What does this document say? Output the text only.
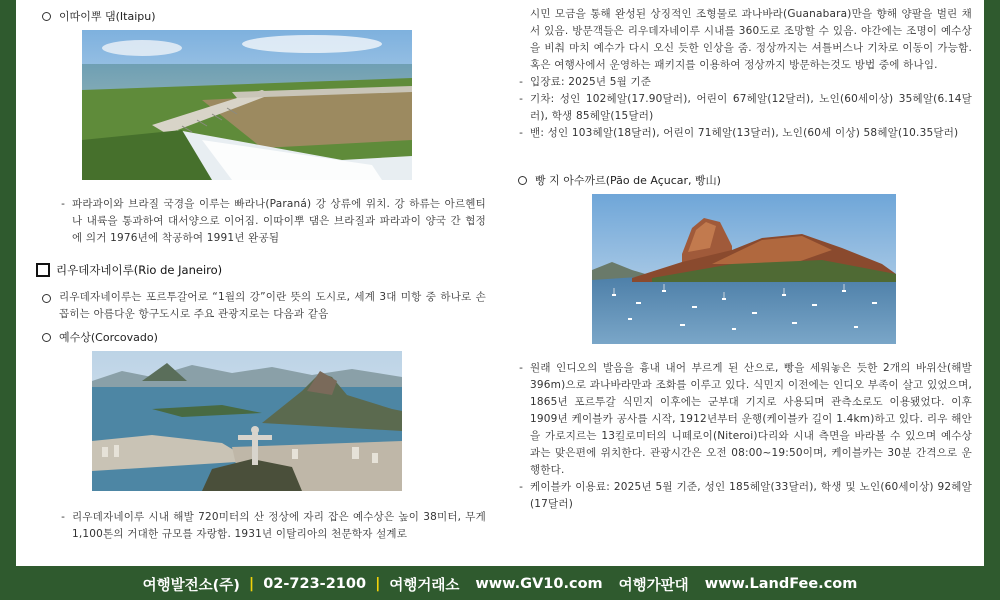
이따이뿌 댐(Itaipu)
- 파라과이와 브라질 국경을 이루는 빠라나(Paraná) 강 상류에 위치. 강 하류는 아르헨티나 내륙을 통과하여 대서양으로 이어짐. 이따이뿌 댐은 브라질과 파라과이 양국 간 협정에 의거 1976년에 착공하여 1991년 완공됨
리우데자네이루(Rio de Janeiro)
리우데자네이루는 포르투갈어로 “1월의 강”이란 뜻의 도시로, 세계 3대 미항 중 하나로 손꼽히는 아름다운 항구도시로 주요 관광지로는 다음과 같음
예수상(Corcovado)
- 리우데자네이루 시내 해발 720미터의 산 정상에 자리 잡은 예수상은 높이 38미터, 무게 1,100톤의 거대한 규모를 자랑함. 1931년 이탈리아의 천문학자 설계로
시민 모금을 통해 완성된 상징적인 조형물로 과나바라(Guanabara)만을 향해 양팔을 벌린 채 서 있음. 방문객들은 리우데자네이루 시내를 360도로 조망할 수 있음. 야간에는 조명이 예수상을 비춰 마치 예수가 다시 오신 듯한 인상을 줌. 정상까지는 셔틀버스나 기차로 이동이 가능함. 혹은 여행사에서 운영하는 패키지를 이용하여 정상까지 방문하는것도 방법 중에 하나임.
- 입장료: 2025년 5월 기준
- 기차: 성인 102헤알(17.90달러), 어린이 67헤알(12달러), 노인(60세이상) 35헤알(6.14달러), 학생 85헤알(15달러)
- 밴: 성인 103헤알(18달러), 어린이 71헤알(13달러), 노인(60세 이상) 58헤알(10.35달러)
빵 지 아수까르(Pão de Açucar, 빵山)
- 원래 인디오의 발음을 흉내 내어 부르게 된 산으로, 빵을 세워놓은 듯한 2개의 바위산(해발 396m)으로 과나바라만과 조화를 이루고 있다. 식민지 이전에는 인디오 부족이 살고 있었으며, 1865년 포르투갈 식민지 이후에는 군부대 기지로 사용되며 관측소로도 이용됐었다. 이후 1909년 케이블카 공사를 시작, 1912년부터 운행(케이블카 길이 1.4km)하고 있다. 리우 해안을 가로지르는 13킬로미터의 니떼로이(Niteroi)다리와 시내 측면을 바라볼 수 있으며 예수상과는 맞은편에 위치한다. 관광시간은 오전 08:00~19:50이며, 케이블카는 30분 간격으로 운행한다.
- 케이블카 이용료: 2025년 5월 기준, 성인 185헤알(33달러), 학생 및 노인(60세이상) 92헤알(17달러)
여행발전소(주) | 02-723-2100 | 여행거래소 www.GV10.com 여행가판대 www.LandFee.com
